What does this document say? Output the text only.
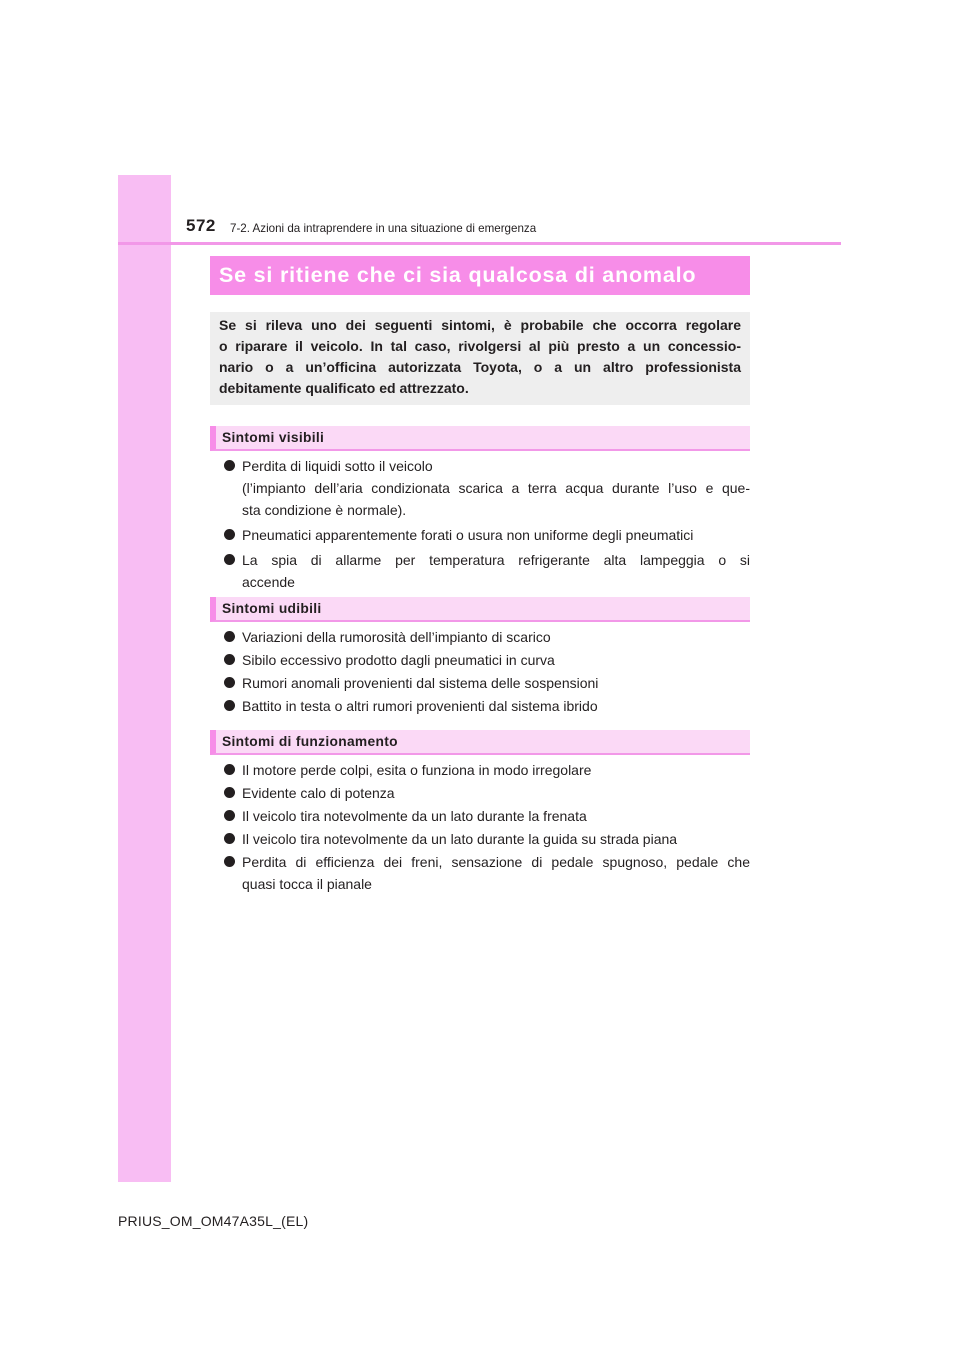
572 7-2. Azioni da intraprendere in una situazione di emergenza
Se si ritiene che ci sia qualcosa di anomalo
Se si rileva uno dei seguenti sintomi, è probabile che occorra regolare
o riparare il veicolo. In tal caso, rivolgersi al più presto a un concessio-
nario o a un’officina autorizzata Toyota, o a un altro professionista
debitamente qualificato ed attrezzato.
Sintomi visibili
Perdita di liquidi sotto il veicolo
(l’impianto dell’aria condizionata scarica a terra acqua durante l’uso e que-
sta condizione è normale).
Pneumatici apparentemente forati o usura non uniforme degli pneumatici
La spia di allarme per temperatura refrigerante alta lampeggia o si
accende
Sintomi udibili
Variazioni della rumorosità dell’impianto di scarico
Sibilo eccessivo prodotto dagli pneumatici in curva
Rumori anomali provenienti dal sistema delle sospensioni
Battito in testa o altri rumori provenienti dal sistema ibrido
Sintomi di funzionamento
Il motore perde colpi, esita o funziona in modo irregolare
Evidente calo di potenza
Il veicolo tira notevolmente da un lato durante la frenata
Il veicolo tira notevolmente da un lato durante la guida su strada piana
Perdita di efficienza dei freni, sensazione di pedale spugnoso, pedale che
quasi tocca il pianale
PRIUS_OM_OM47A35L_(EL)
